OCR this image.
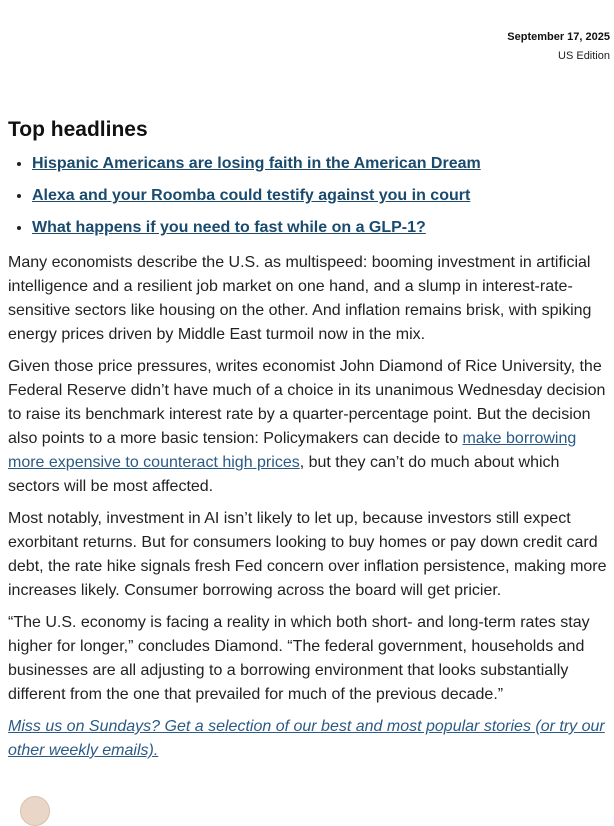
September 17, 2025
US Edition
Top headlines
• Hispanic Americans are losing faith in the American Dream
• Alexa and your Roomba could testify against you in court
• What happens if you need to fast while on a GLP-1?

Many economists describe the U.S. as multispeed: booming investment in artificial intelligence and a resilient job market on one hand, and a slump in interest-rate-sensitive sectors like housing on the other. And inflation remains brisk, with spiking energy prices driven by Middle East turmoil now in the mix.

Given those price pressures, writes economist John Diamond of Rice University, the Federal Reserve didn’t have much of a choice in its unanimous Wednesday decision to raise its benchmark interest rate by a quarter-percentage point. But the decision also points to a more basic tension: Policymakers can decide to make borrowing more expensive to counteract high prices, but they can’t do much about which sectors will be most affected.

Most notably, investment in AI isn’t likely to let up, because investors still expect exorbitant returns. But for consumers looking to buy homes or pay down credit card debt, the rate hike signals fresh Fed concern over inflation persistence, making more increases likely. Consumer borrowing across the board will get pricier.

“The U.S. economy is facing a reality in which both short- and long-term rates stay higher for longer,” concludes Diamond. “The federal government, households and businesses are all adjusting to a borrowing environment that looks substantially different from the one that prevailed for much of the previous decade.”

Miss us on Sundays? Get a selection of our best and most popular stories (or try our other weekly emails).
